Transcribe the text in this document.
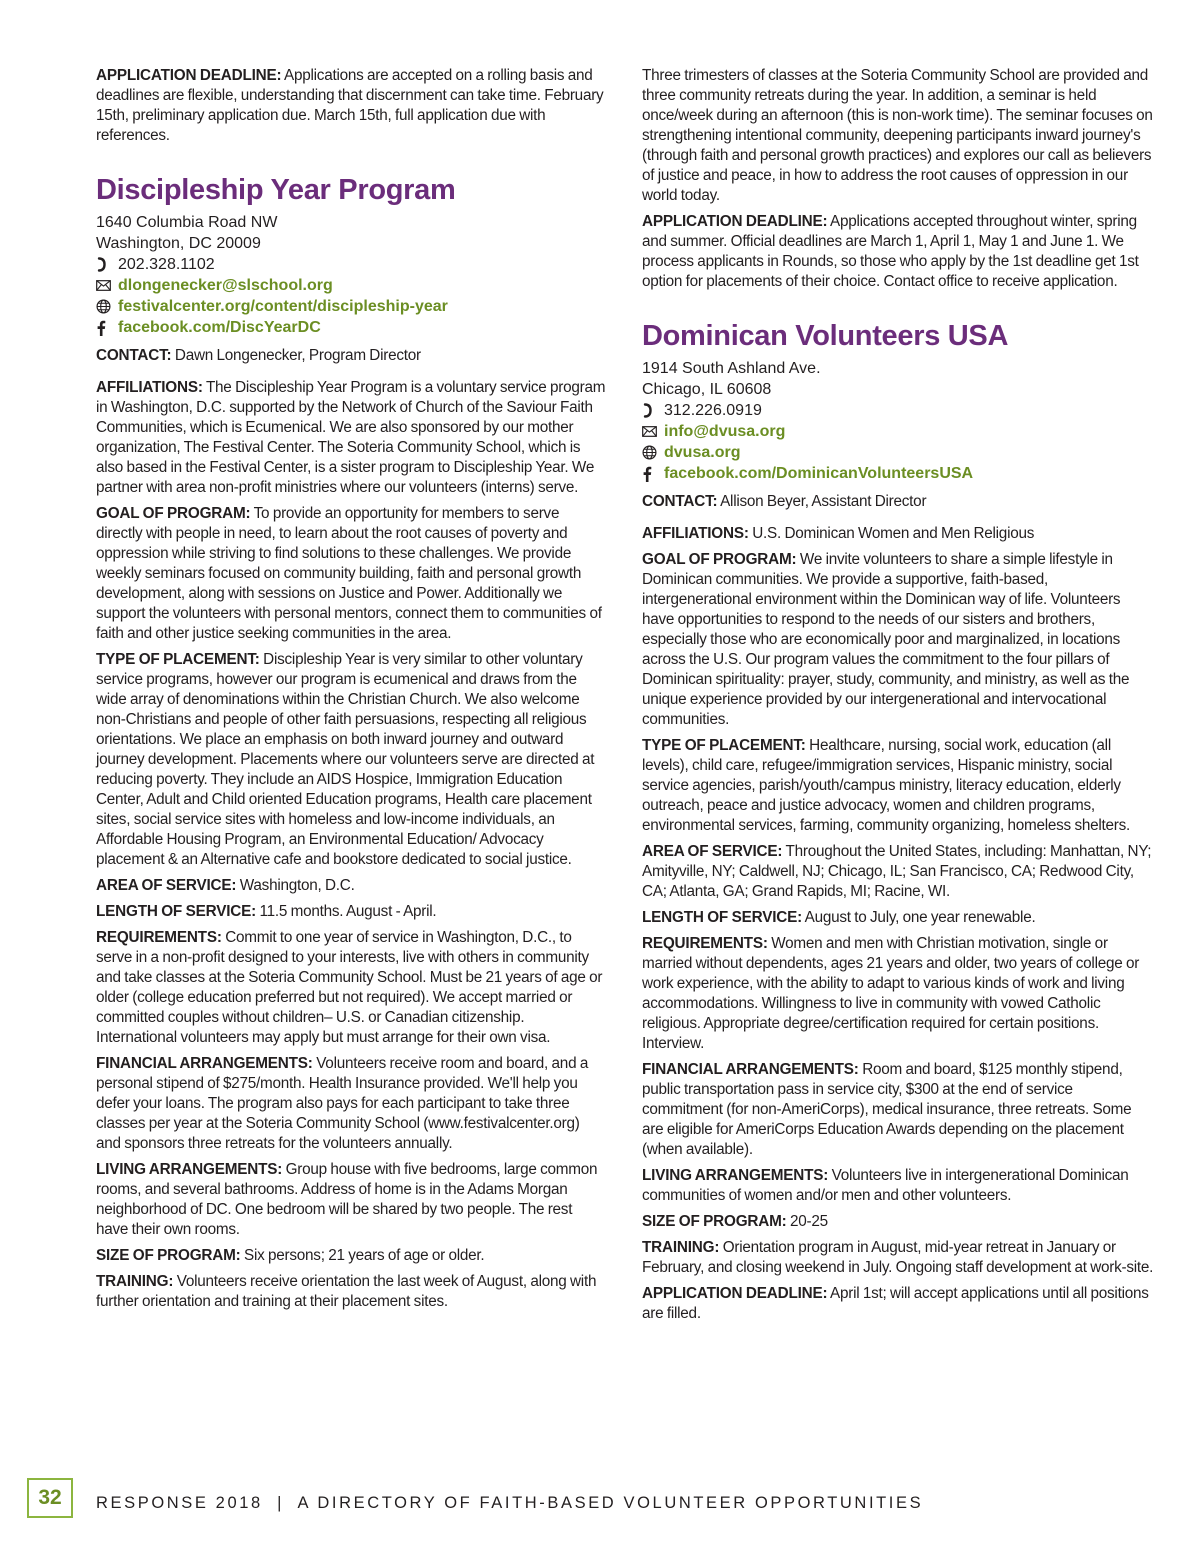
APPLICATION DEADLINE: Applications are accepted on a rolling basis and deadlines are flexible, understanding that discernment can take time. February 15th, preliminary application due. March 15th, full application due with references.

Discipleship Year Program

1640 Columbia Road NW

Washington, DC 20009

202.328.1102
dlongenecker@slschool.org
festivalcenter.org/content/discipleship-year
facebook.com/DiscYearDC

CONTACT: Dawn Longenecker, Program Director

AFFILIATIONS: The Discipleship Year Program is a voluntary service program in Washington, D.C. supported by the Network of Church of the Saviour Faith Communities, which is Ecumenical. We are also sponsored by our mother organization, The Festival Center. The Soteria Community School, which is also based in the Festival Center, is a sister program to Discipleship Year. We partner with area non-profit ministries where our volunteers (interns) serve.

GOAL OF PROGRAM: To provide an opportunity for members to serve directly with people in need, to learn about the root causes of poverty and oppression while striving to find solutions to these challenges. We provide weekly seminars focused on community building, faith and personal growth development, along with sessions on Justice and Power. Additionally we support the volunteers with personal mentors, connect them to communities of faith and other justice seeking communities in the area.

TYPE OF PLACEMENT: Discipleship Year is very similar to other voluntary service programs, however our program is ecumenical and draws from the wide array of denominations within the Christian Church. We also welcome non-Christians and people of other faith persuasions, respecting all religious orientations. We place an emphasis on both inward journey and outward journey development. Placements where our volunteers serve are directed at reducing poverty. They include an AIDS Hospice, Immigration Education Center, Adult and Child oriented Education programs, Health care placement sites, social service sites with homeless and low-income individuals, an Affordable Housing Program, an Environmental Education/ Advocacy placement & an Alternative cafe and bookstore dedicated to social justice.

AREA OF SERVICE: Washington, D.C.

LENGTH OF SERVICE: 11.5 months. August - April.

REQUIREMENTS: Commit to one year of service in Washington, D.C., to serve in a non-profit designed to your interests, live with others in community and take classes at the Soteria Community School. Must be 21 years of age or older (college education preferred but not required). We accept married or committed couples without children– U.S. or Canadian citizenship. International volunteers may apply but must arrange for their own visa.

FINANCIAL ARRANGEMENTS: Volunteers receive room and board, and a personal stipend of $275/month. Health Insurance provided. We'll help you defer your loans. The program also pays for each participant to take three classes per year at the Soteria Community School (www.festivalcenter.org) and sponsors three retreats for the volunteers annually.

LIVING ARRANGEMENTS: Group house with five bedrooms, large common rooms, and several bathrooms. Address of home is in the Adams Morgan neighborhood of DC. One bedroom will be shared by two people. The rest have their own rooms.

SIZE OF PROGRAM: Six persons; 21 years of age or older.

TRAINING: Volunteers receive orientation the last week of August, along with further orientation and training at their placement sites.

Three trimesters of classes at the Soteria Community School are provided and three community retreats during the year. In addition, a seminar is held once/week during an afternoon (this is non-work time). The seminar focuses on strengthening intentional community, deepening participants inward journey's (through faith and personal growth practices) and explores our call as believers of justice and peace, in how to address the root causes of oppression in our world today.

APPLICATION DEADLINE: Applications accepted throughout winter, spring and summer. Official deadlines are March 1, April 1, May 1 and June 1. We process applicants in Rounds, so those who apply by the 1st deadline get 1st option for placements of their choice. Contact office to receive application.

Dominican Volunteers USA

1914 South Ashland Ave.

Chicago, IL 60608

312.226.0919
info@dvusa.org
dvusa.org
facebook.com/DominicanVolunteersUSA

CONTACT: Allison Beyer, Assistant Director

AFFILIATIONS: U.S. Dominican Women and Men Religious

GOAL OF PROGRAM: We invite volunteers to share a simple lifestyle in Dominican communities. We provide a supportive, faith-based, intergenerational environment within the Dominican way of life. Volunteers have opportunities to respond to the needs of our sisters and brothers, especially those who are economically poor and marginalized, in locations across the U.S. Our program values the commitment to the four pillars of Dominican spirituality: prayer, study, community, and ministry, as well as the unique experience provided by our intergenerational and intervocational communities.

TYPE OF PLACEMENT: Healthcare, nursing, social work, education (all levels), child care, refugee/immigration services, Hispanic ministry, social service agencies, parish/youth/campus ministry, literacy education, elderly outreach, peace and justice advocacy, women and children programs, environmental services, farming, community organizing, homeless shelters.

AREA OF SERVICE: Throughout the United States, including: Manhattan, NY; Amityville, NY; Caldwell, NJ; Chicago, IL; San Francisco, CA; Redwood City, CA; Atlanta, GA; Grand Rapids, MI; Racine, WI.

LENGTH OF SERVICE: August to July, one year renewable.

REQUIREMENTS: Women and men with Christian motivation, single or married without dependents, ages 21 years and older, two years of college or work experience, with the ability to adapt to various kinds of work and living accommodations. Willingness to live in community with vowed Catholic religious. Appropriate degree/certification required for certain positions. Interview.

FINANCIAL ARRANGEMENTS: Room and board, $125 monthly stipend, public transportation pass in service city, $300 at the end of service commitment (for non-AmeriCorps), medical insurance, three retreats. Some are eligible for AmeriCorps Education Awards depending on the placement (when available).

LIVING ARRANGEMENTS: Volunteers live in intergenerational Dominican communities of women and/or men and other volunteers.

SIZE OF PROGRAM: 20-25

TRAINING: Orientation program in August, mid-year retreat in January or February, and closing weekend in July. Ongoing staff development at work-site.

APPLICATION DEADLINE: April 1st; will accept applications until all positions are filled.

32	RESPONSE 2018  |  A DIRECTORY OF FAITH-BASED VOLUNTEER OPPORTUNITIES
